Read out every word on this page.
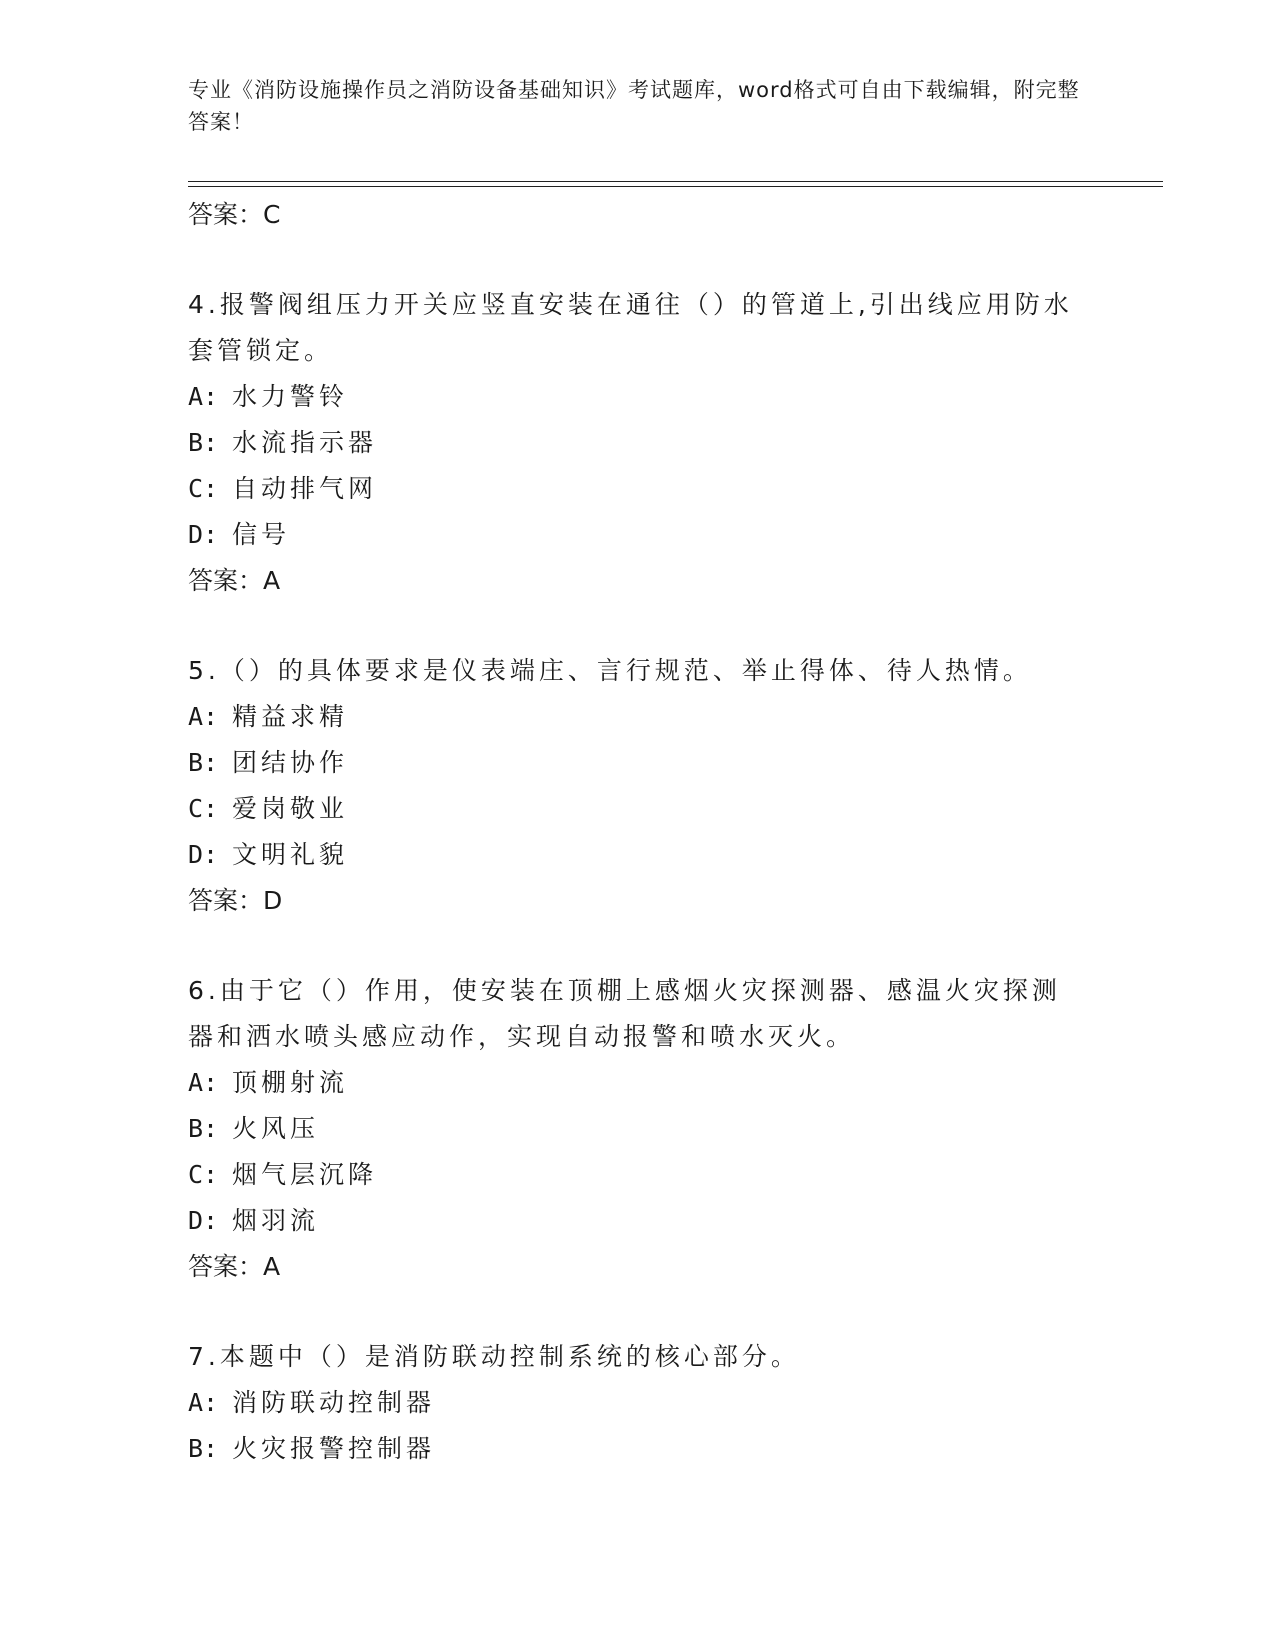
专业《消防设施操作员之消防设备基础知识》考试题库，word格式可自由下载编辑，附完整答案！
答案：C
4.报警阀组压力开关应竖直安装在通往（）的管道上,引出线应用防水套管锁定。
A: 水力警铃
B: 水流指示器
C: 自动排气网
D: 信号
答案：A
5.（）的具体要求是仪表端庄、言行规范、举止得体、待人热情。
A: 精益求精
B: 团结协作
C: 爱岗敬业
D: 文明礼貌
答案：D
6.由于它（）作用，使安装在顶棚上感烟火灾探测器、感温火灾探测器和洒水喷头感应动作，实现自动报警和喷水灭火。
A: 顶棚射流
B: 火风压
C: 烟气层沉降
D: 烟羽流
答案：A
7.本题中（）是消防联动控制系统的核心部分。
A: 消防联动控制器
B: 火灾报警控制器
